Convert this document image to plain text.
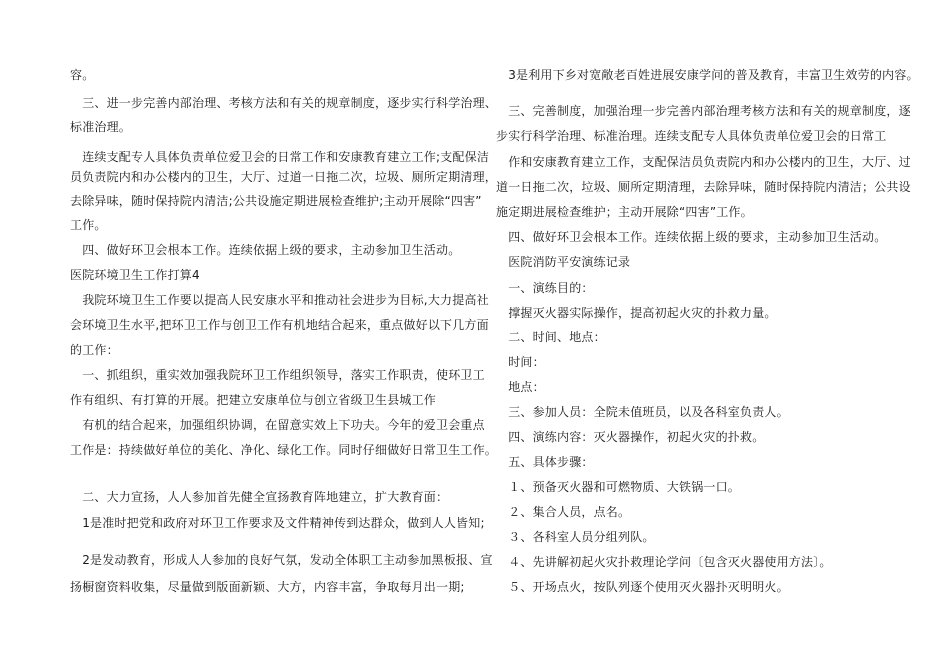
容。
　三、进一步完善内部治理、考核方法和有关的规章制度，逐步实行科学治理、
标准治理。
　连续支配专人具体负责单位爱卫会的日常工作和安康教育建立工作;支配保洁
员负责院内和办公楼内的卫生，大厅、过道一日拖二次，垃圾、厕所定期清理，
去除异味，随时保持院内清洁;公共设施定期进展检查维护;主动开展除“四害”
工作。
　四、做好环卫会根本工作。连续依据上级的要求，主动参加卫生活动。
医院环境卫生工作打算4
　我院环境卫生工作要以提高人民安康水平和推动社会进步为目标,大力提高社
会环境卫生水平,把环卫工作与创卫工作有机地结合起来，重点做好以下几方面
的工作：
　一、抓组织，重实效加强我院环卫工作组织领导，落实工作职责，使环卫工
作有组织、有打算的开展。把建立安康单位与创立省级卫生县城工作
　有机的结合起来，加强组织协调，在留意实效上下功夫。今年的爱卫会重点
工作是：持续做好单位的美化、净化、绿化工作。同时仔细做好日常卫生工作。
　二、大力宣扬，人人参加首先健全宣扬教育阵地建立，扩大教育面：
　1是准时把党和政府对环卫工作要求及文件精神传到达群众，做到人人皆知;
　2是发动教育，形成人人参加的良好气氛，发动全体职工主动参加黑板报、宣
扬橱窗资料收集，尽量做到版面新颖、大方，内容丰富，争取每月出一期;
　3是利用下乡对宽敞老百姓进展安康学问的普及教育，丰富卫生效劳的内容。
　三、完善制度，加强治理一步完善内部治理考核方法和有关的规章制度，逐
步实行科学治理、标准治理。连续支配专人具体负责单位爱卫会的日常工
　作和安康教育建立工作，支配保洁员负责院内和办公楼内的卫生，大厅、过
道一日拖二次，垃圾、厕所定期清理，去除异味，随时保持院内清洁；公共设
施定期进展检查维护；主动开展除“四害”工作。
　四、做好环卫会根本工作。连续依据上级的要求，主动参加卫生活动。
　医院消防平安演练记录
　一、演练目的：
　撑握灭火器实际操作，提高初起火灾的扑救力量。
　二、时间、地点：
　时间：
　地点：
　三、参加人员：全院未值班员，以及各科室负责人。
　四、演练内容：灭火器操作，初起火灾的扑救。
　五、具体步骤：
　１、预备灭火器和可燃物质、大铁锅一口。
　２、集合人员，点名。
　３、各科室人员分组列队。
　４、先讲解初起火灾扑救理论学问〔包含灭火器使用方法〕。
　５、开场点火，按队列逐个使用灭火器扑灭明明火。
